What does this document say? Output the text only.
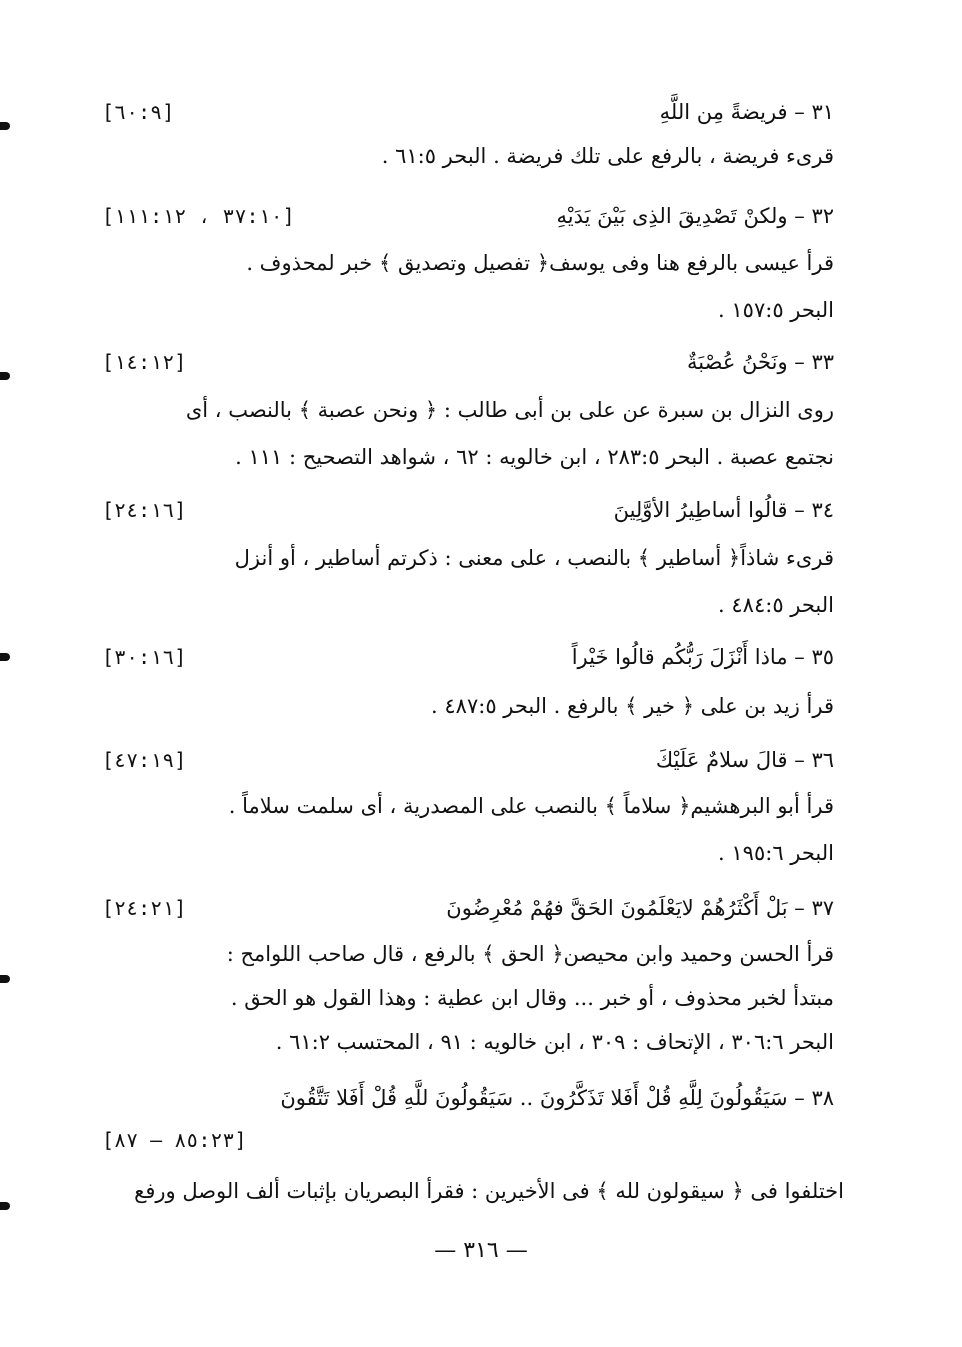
[٦٠:٩]	٣١ – فريضةً مِن اللَّهِ
قرىء فريضة ، بالرفع على تلك فريضة . البحر ٦١:٥ .
[٣٧:١٠ ، ١١١:١٢]	٣٢ – ولكنْ تَصْدِيقَ الذِى بَيْنَ يَدَيْهِ
قرأ عيسى بالرفع هنا وفى يوسف﴿ تفصيل وتصديق ﴾ خبر لمحذوف .
البحر ١٥٧:٥ .
[١٤:١٢]	٣٣ – ونَحْنُ عُصْبَةٌ
روى النزال بن سبرة عن على بن أبى طالب : ﴿ ونحن عصبة ﴾ بالنصب ، أى
نجتمع عصبة . البحر ٢٨٣:٥ ، ابن خالويه : ٦٢ ، شواهد التصحيح : ١١١ .
[٢٤:١٦]	٣٤ – قالُوا أساطِيرُ الأوَّلِينَ
قرىء شاذاً﴿ أساطير ﴾ بالنصب ، على معنى : ذكرتم أساطير ، أو أنزل
البحر ٤٨٤:٥ .
[٣٠:١٦]	٣٥ – ماذا أَنْزَلَ رَبُّكُم قالُوا خَيْراً
قرأ زيد بن على ﴿ خير ﴾ بالرفع . البحر ٤٨٧:٥ .
[٤٧:١٩]	٣٦ – قالَ سلامٌ عَلَيْكَ
قرأ أبو البرهشيم﴿ سلاماً ﴾ بالنصب على المصدرية ، أى سلمت سلاماً .
البحر ١٩٥:٦ .
[٢٤:٢١]	٣٧ – بَلْ أَكْثَرُهُمْ لايَعْلَمُونَ الحَقَّ فهُمْ مُعْرِضُونَ
قرأ الحسن وحميد وابن محيصن﴿ الحق ﴾ بالرفع ، قال صاحب اللوامح :
مبتدأ لخبر محذوف ، أو خبر ... وقال ابن عطية : وهذا القول هو الحق .
البحر ٣٠٦:٦ ، الإتحاف : ٣٠٩ ، ابن خالويه : ٩١ ، المحتسب ٦١:٢ .
٣٨ – سَيَقُولُونَ لِلَّهِ قُلْ أَفَلا تَذَكَّرُونَ .. سَيَقُولُونَ للَّهِ قُلْ أَفَلا تَتَّقُونَ
[٨٥:٢٣ – ٨٧]
اختلفوا فى ﴿ سيقولون لله ﴾ فى الأخيرين : فقرأ البصريان بإثبات ألف الوصل ورفع
— ٣١٦ —
